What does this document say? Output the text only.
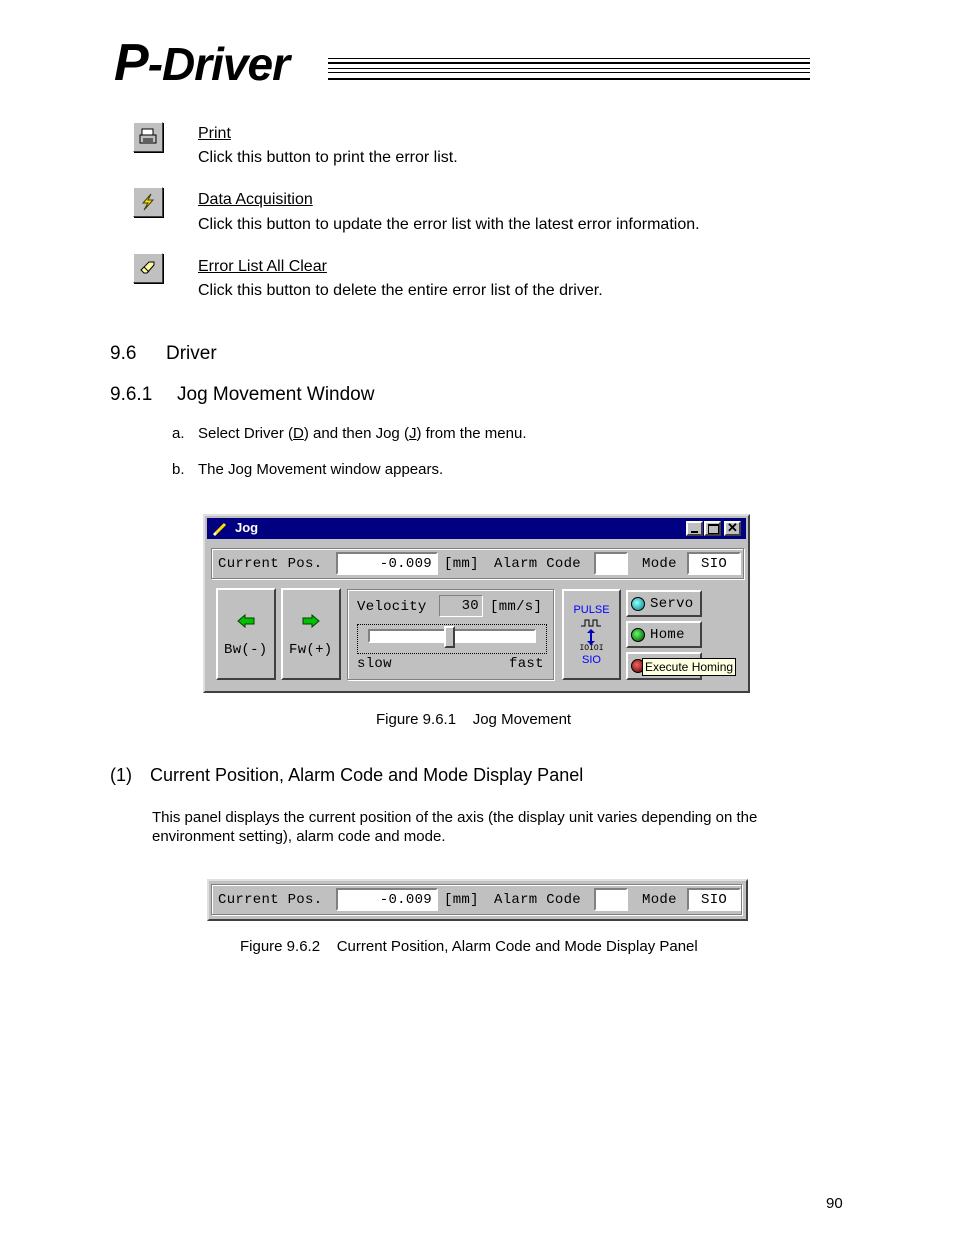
P-Driver
Print
Click this button to print the error list.
Data Acquisition
Click this button to update the error list with the latest error information.
Error List All Clear
Click this button to delete the entire error list of the driver.
9.6 Driver
9.6.1 Jog Movement Window
a. Select Driver (D) and then Jog (J) from the menu.
b. The Jog Movement window appears.
Jog	✕
Current Pos.	-0.009 [mm] Alarm Code	Mode	SIO
Bw(-) Fw(+)
Velocity	30 [mm/s]
slow	fast
PULSE
IOIOI
SIO
Servo
Home
Execute Homing
Figure 9.6.1    Jog Movement
(1) Current Position, Alarm Code and Mode Display Panel
This panel displays the current position of the axis (the display unit varies depending on the environment setting), alarm code and mode.
Current Pos.	-0.009 [mm] Alarm Code	Mode	SIO
Figure 9.6.2    Current Position, Alarm Code and Mode Display Panel
90
